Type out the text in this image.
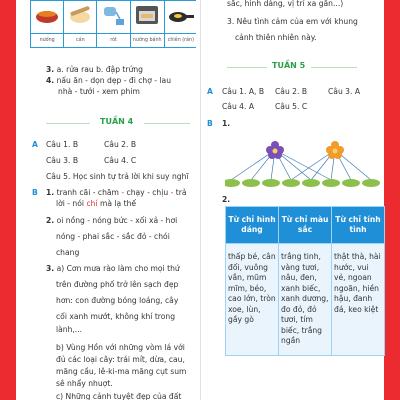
nướng	cán	rót	nướng bánh	chiên (rán)
3. a. rửa rau b. đập trứng
4. nấu ăn - dọn dẹp - đi chợ - lau
nhà - tưới - xem phim
TUẦN 4
A Câu 1. B	Câu 2. B
Câu 3. B	Câu 4. C
Câu 5. Học sinh tự trả lời khi suy nghĩ
B 1. tranh cãi - chăm - chạy - chịu - trả
lời - nói chí mà lạ thế
2. oi nồng - nóng bức - xối xả - hơi
nóng - phai sắc - sắc đỏ - chói
chang
3. a) Cơn mưa rào làm cho mọi thứ
trên đường phố trở lên sạch đẹp
hơn: con đường bóng loáng, cây
cối xanh mướt, không khí trong
lành,...
b) Vùng Hồn với những vòm lá với
đủ các loại cây: trái mít, dừa, cau,
măng cầu, lê-ki-ma măng cụt sum
sê nhẩy nhuợt.
c) Những cảnh tuyệt đẹp của đất
sắc, hình dáng, vị trí xa gần...)
3. Nêu tình cảm của em với khung
cảnh thiên nhiên này.
TUẦN 5
A Câu 1. A, B Câu 2. B	Câu 3. A
Câu 4. A	Câu 5. C
B 1.
2.
Từ chỉ hình dáng	Từ chỉ màu sắc	Từ chỉ tính tình
thấp bé, cân đối, vuông vắn, mũm mĩm, béo, cao lớn, tròn xoe, lùn, gầy gò	trắng tinh, vàng tươi, nâu, đen, xanh biếc, xanh dương, đo đỏ, đỏ tươi, tím biếc, trắng ngần	thật thà, hài hước, vui vẻ, ngoan ngoãn, hiền hậu, đanh đá, keo kiệt
